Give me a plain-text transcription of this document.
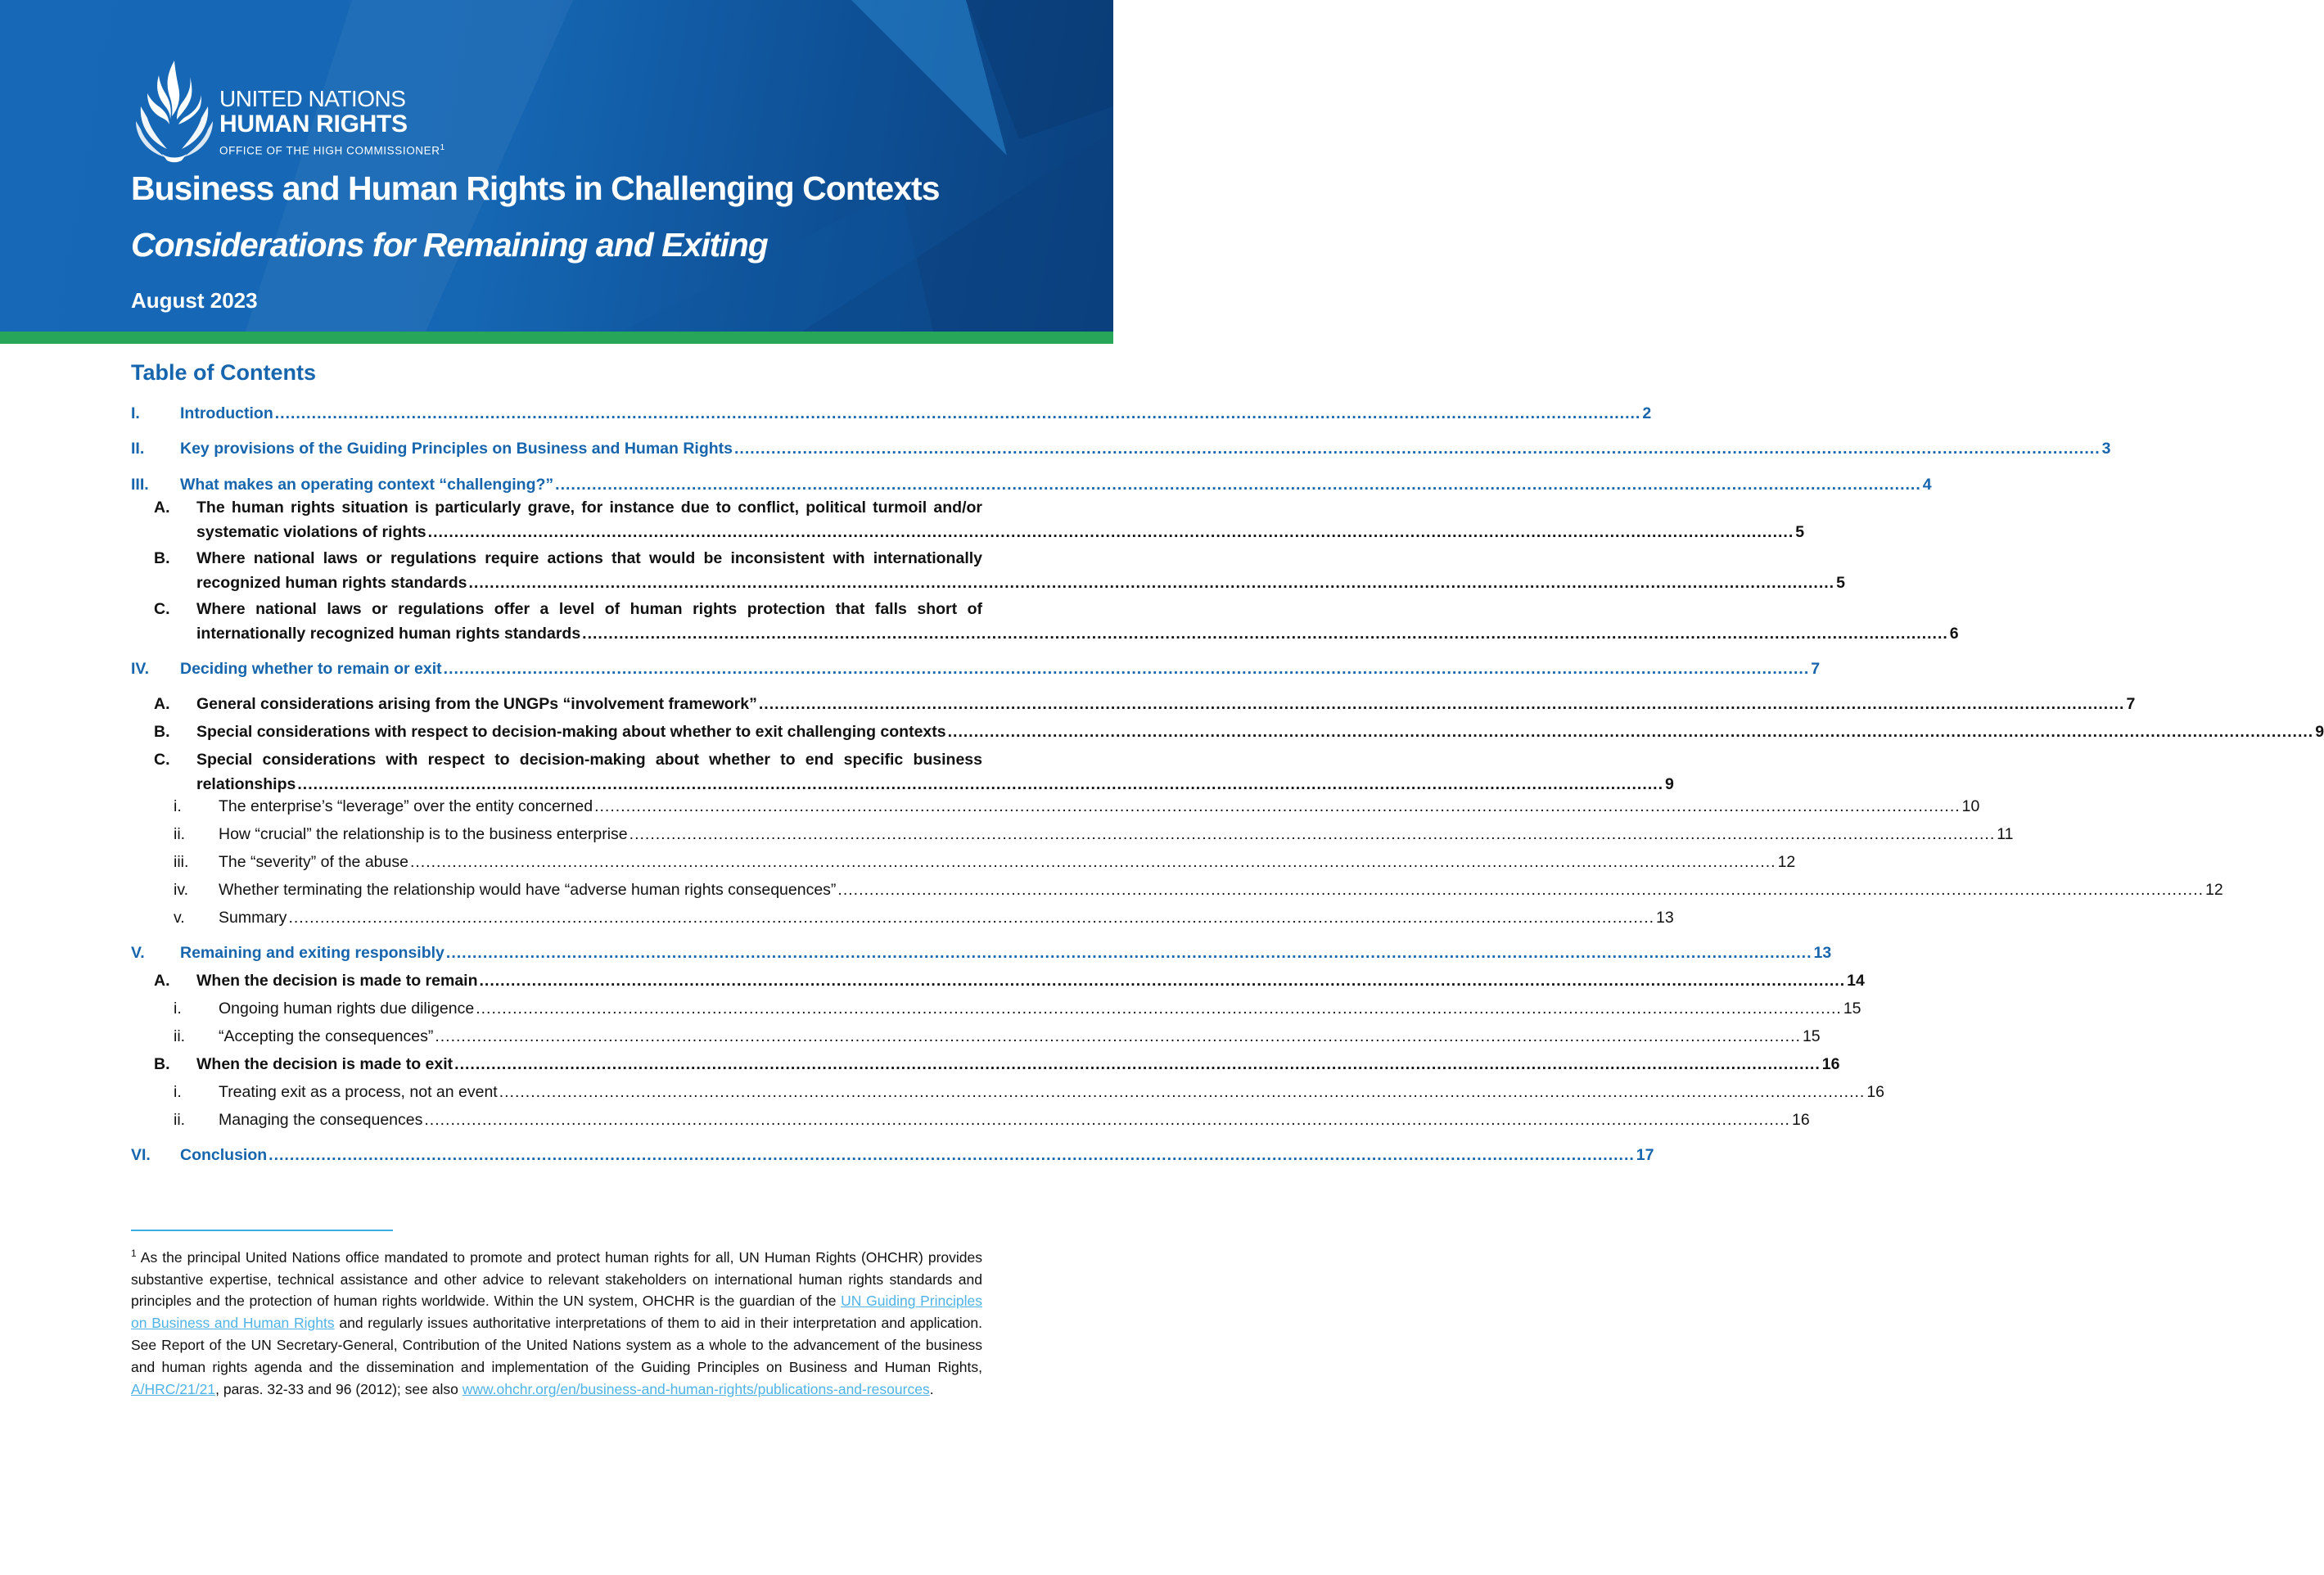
UNITED NATIONS
HUMAN RIGHTS
OFFICE OF THE HIGH COMMISSIONER$^1$
Business and Human Rights in Challenging Contexts
Considerations for Remaining and Exiting

August 2023

Table of Contents
I.	Introduction .................................................................................................................................................................................................................................................................... 2
II. Key provisions of the Guiding Principles on Business and Human Rights .................................................................................................................................................................................................................................................................... 3
III. What makes an operating context “challenging?” .................................................................................................................................................................................................................................................................... 4
A. The human rights situation is particularly grave, for instance due to conflict, political turmoil and/or
systematic violations of rights .................................................................................................................................................................................................................................................................... 5
B. Where national laws or regulations require actions that would be inconsistent with internationally
recognized human rights standards .................................................................................................................................................................................................................................................................... 5
C. Where national laws or regulations offer a level of human rights protection that falls short of
internationally recognized human rights standards .................................................................................................................................................................................................................................................................... 6
IV. Deciding whether to remain or exit .................................................................................................................................................................................................................................................................... 7
A. General considerations arising from the UNGPs “involvement framework” .................................................................................................................................................................................................................................................................... 7
B. Special considerations with respect to decision-making about whether to exit challenging contexts .................................................................................................................................................................................................................................................................... 9
C. Special considerations with respect to decision-making about whether to end specific business
relationships .................................................................................................................................................................................................................................................................... 9
i. The enterprise’s “leverage” over the entity concerned .................................................................................................................................................................................................................................................................... 10
ii. How “crucial” the relationship is to the business enterprise .................................................................................................................................................................................................................................................................... 11
iii. The “severity” of the abuse .................................................................................................................................................................................................................................................................... 12
iv. Whether terminating the relationship would have “adverse human rights consequences” .................................................................................................................................................................................................................................................................... 12
v. Summary .................................................................................................................................................................................................................................................................... 13
V. Remaining and exiting responsibly .................................................................................................................................................................................................................................................................... 13
A. When the decision is made to remain .................................................................................................................................................................................................................................................................... 14
i. Ongoing human rights due diligence .................................................................................................................................................................................................................................................................... 15
ii. “Accepting the consequences” .................................................................................................................................................................................................................................................................... 15
B. When the decision is made to exit .................................................................................................................................................................................................................................................................... 16
i. Treating exit as a process, not an event .................................................................................................................................................................................................................................................................... 16
ii. Managing the consequences .................................................................................................................................................................................................................................................................... 16
VI. Conclusion .................................................................................................................................................................................................................................................................... 17

$^1$ As the principal United Nations office mandated to promote and protect human rights for all, UN Human Rights (OHCHR) provides substantive expertise, technical assistance and other advice to relevant stakeholders on international human rights standards and principles and the protection of human rights worldwide. Within the UN system, OHCHR is the guardian of the UN Guiding Principles on Business and Human Rights and regularly issues authoritative interpretations of them to aid in their interpretation and application. See Report of the UN Secretary-General, Contribution of the United Nations system as a whole to the advancement of the business and human rights agenda and the dissemination and implementation of the Guiding Principles on Business and Human Rights, A/HRC/21/21, paras. 32-33 and 96 (2012); see also www.ohchr.org/en/business-and-human-rights/publications-and-resources.
